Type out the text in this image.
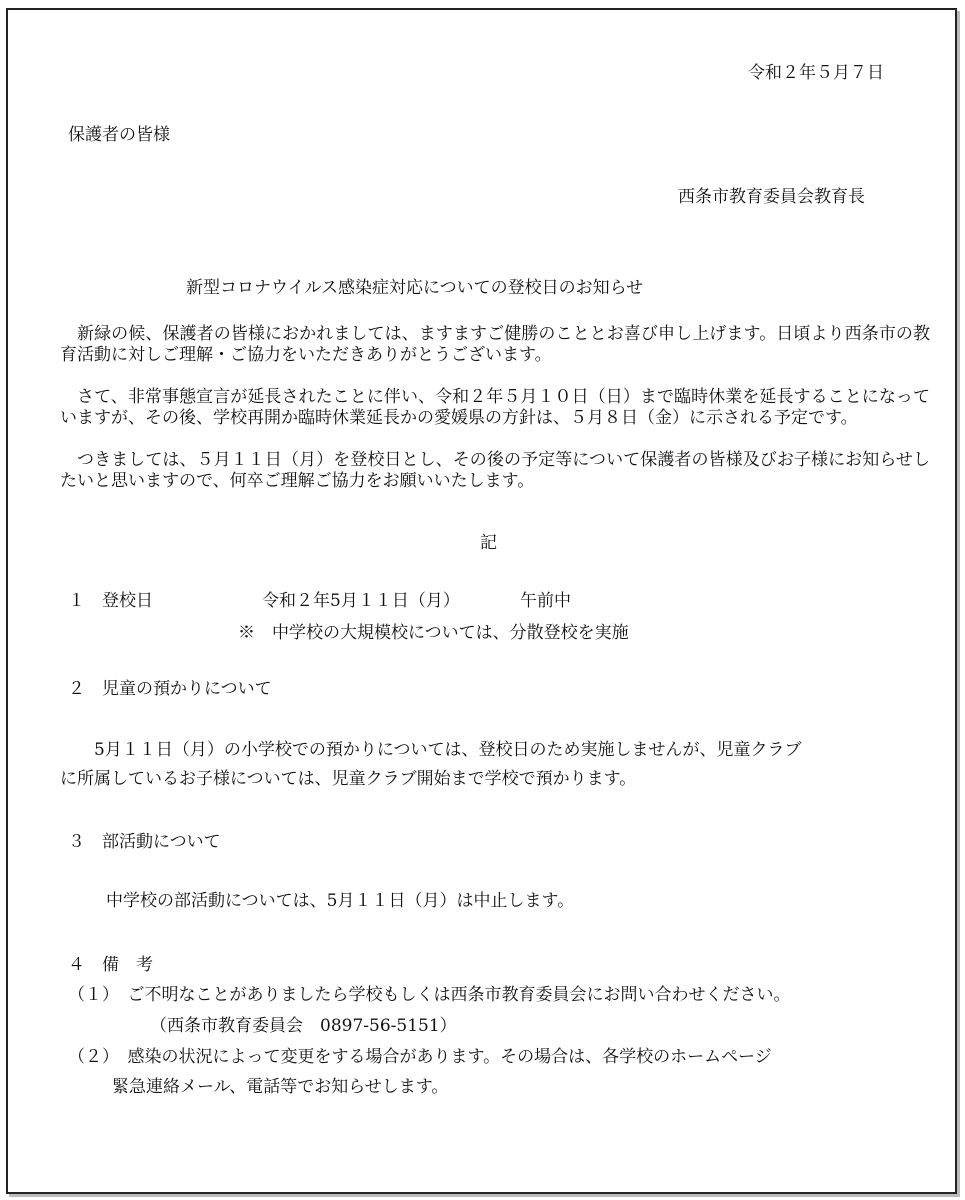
令和２年５月７日

保護者の皆様

西条市教育委員会教育長

新型コロナウイルス感染症対応についての登校日のお知らせ

新緑の候、保護者の皆様におかれましては、ますますご健勝のこととお喜び申し上げます。日頃より西条市の教育活動に対しご理解・ご協力をいただきありがとうございます。

さて、非常事態宣言が延長されたことに伴い、令和２年５月１０日（日）まで臨時休業を延長することになっていますが、その後、学校再開か臨時休業延長かの愛媛県の方針は、５月８日（金）に示される予定です。

つきましては、５月１１日（月）を登校日とし、その後の予定等について保護者の皆様及びお子様にお知らせしたいと思いますので、何卒ご理解ご協力をお願いいたします。

記

１　登校日	令和２年5月１１日（月）	午前中

※　中学校の大規模校については、分散登校を実施

２　児童の預かりについて

5月１１日（月）の小学校での預かりについては、登校日のため実施しませんが、児童クラブ

に所属しているお子様については、児童クラブ開始まで学校で預かります。

３　部活動について

中学校の部活動については、5月１１日（月）は中止します。

４　備　考

（１）　ご不明なことがありましたら学校もしくは西条市教育委員会にお問い合わせください。

（西条市教育委員会　0897-56-5151）

（２）　感染の状況によって変更をする場合があります。その場合は、各学校のホームページ

緊急連絡メール、電話等でお知らせします。
